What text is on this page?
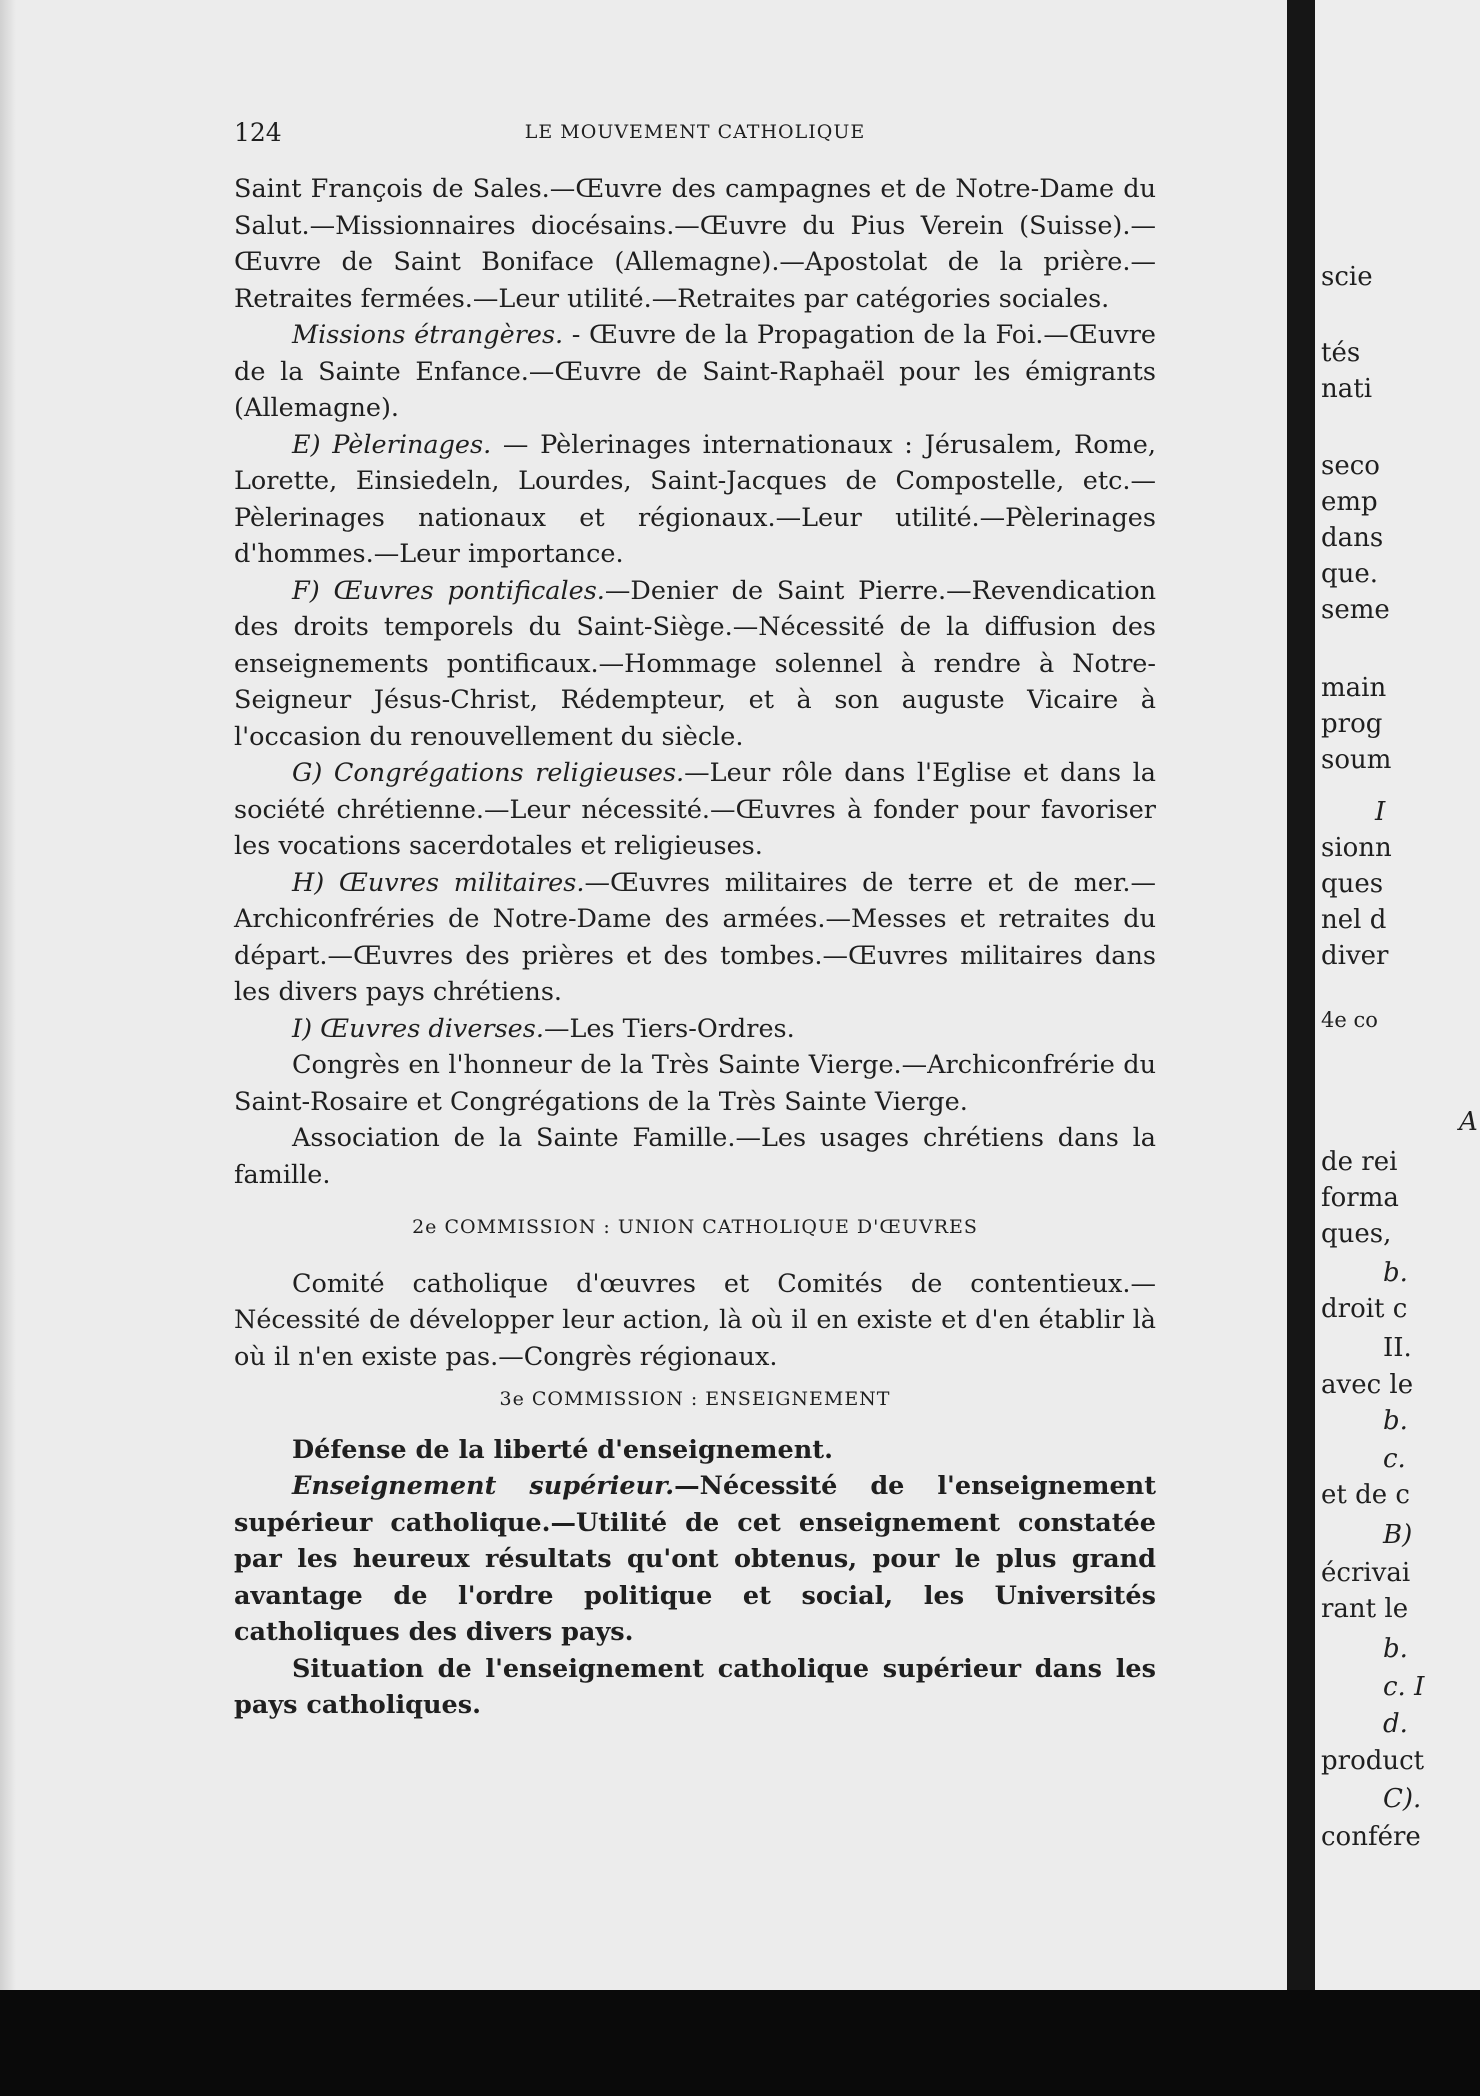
124	LE MOUVEMENT CATHOLIQUE

Saint François de Sales.—Œuvre des campagnes et de Notre-Dame du Salut.—Missionnaires diocésains.—Œuvre du Pius Verein (Suisse).—Œuvre de Saint Boniface (Allemagne).—Apostolat de la prière.—Retraites fermées.—Leur utilité.—Retraites par catégories sociales.

Missions étrangères. - Œuvre de la Propagation de la Foi.—Œuvre de la Sainte Enfance.—Œuvre de Saint-Raphaël pour les émigrants (Allemagne).

E) Pèlerinages. — Pèlerinages internationaux : Jérusalem, Rome, Lorette, Einsiedeln, Lourdes, Saint-Jacques de Compostelle, etc.—Pèlerinages nationaux et régionaux.—Leur utilité.—Pèlerinages d'hommes.—Leur importance.

F) Œuvres pontificales.—Denier de Saint Pierre.—Revendication des droits temporels du Saint-Siège.—Nécessité de la diffusion des enseignements pontificaux.—Hommage solennel à rendre à Notre-Seigneur Jésus-Christ, Rédempteur, et à son auguste Vicaire à l'occasion du renouvellement du siècle.

G) Congrégations religieuses.—Leur rôle dans l'Eglise et dans la société chrétienne.—Leur nécessité.—Œuvres à fonder pour favoriser les vocations sacerdotales et religieuses.

H) Œuvres militaires.—Œuvres militaires de terre et de mer.—Archiconfréries de Notre-Dame des armées.—Messes et retraites du départ.—Œuvres des prières et des tombes.—Œuvres militaires dans les divers pays chrétiens.

I) Œuvres diverses.—Les Tiers-Ordres.

Congrès en l'honneur de la Très Sainte Vierge.—Archiconfrérie du Saint-Rosaire et Congrégations de la Très Sainte Vierge.

Association de la Sainte Famille.—Les usages chrétiens dans la famille.

2e COMMISSION : UNION CATHOLIQUE D'ŒUVRES

Comité catholique d'œuvres et Comités de contentieux.—Nécessité de développer leur action, là où il en existe et d'en établir là où il n'en existe pas.—Congrès régionaux.

3e COMMISSION : ENSEIGNEMENT

Défense de la liberté d'enseignement.

Enseignement supérieur.—Nécessité de l'enseignement supérieur catholique.—Utilité de cet enseignement constatée par les heureux résultats qu'ont obtenus, pour le plus grand avantage de l'ordre politique et social, les Universités catholiques des divers pays.

Situation de l'enseignement catholique supérieur dans les pays catholiques.

scie
tés
nati
seco
emp
dans
que.
seme
main
prog
soum
I
sionn
ques
nel d
diver
4e co
A
de rei
forma
ques,
b.
droit c
II.
avec le
b.
c.
et de c
B)
écrivai
rant le
b.
c. I
d.
product
C).
confére
